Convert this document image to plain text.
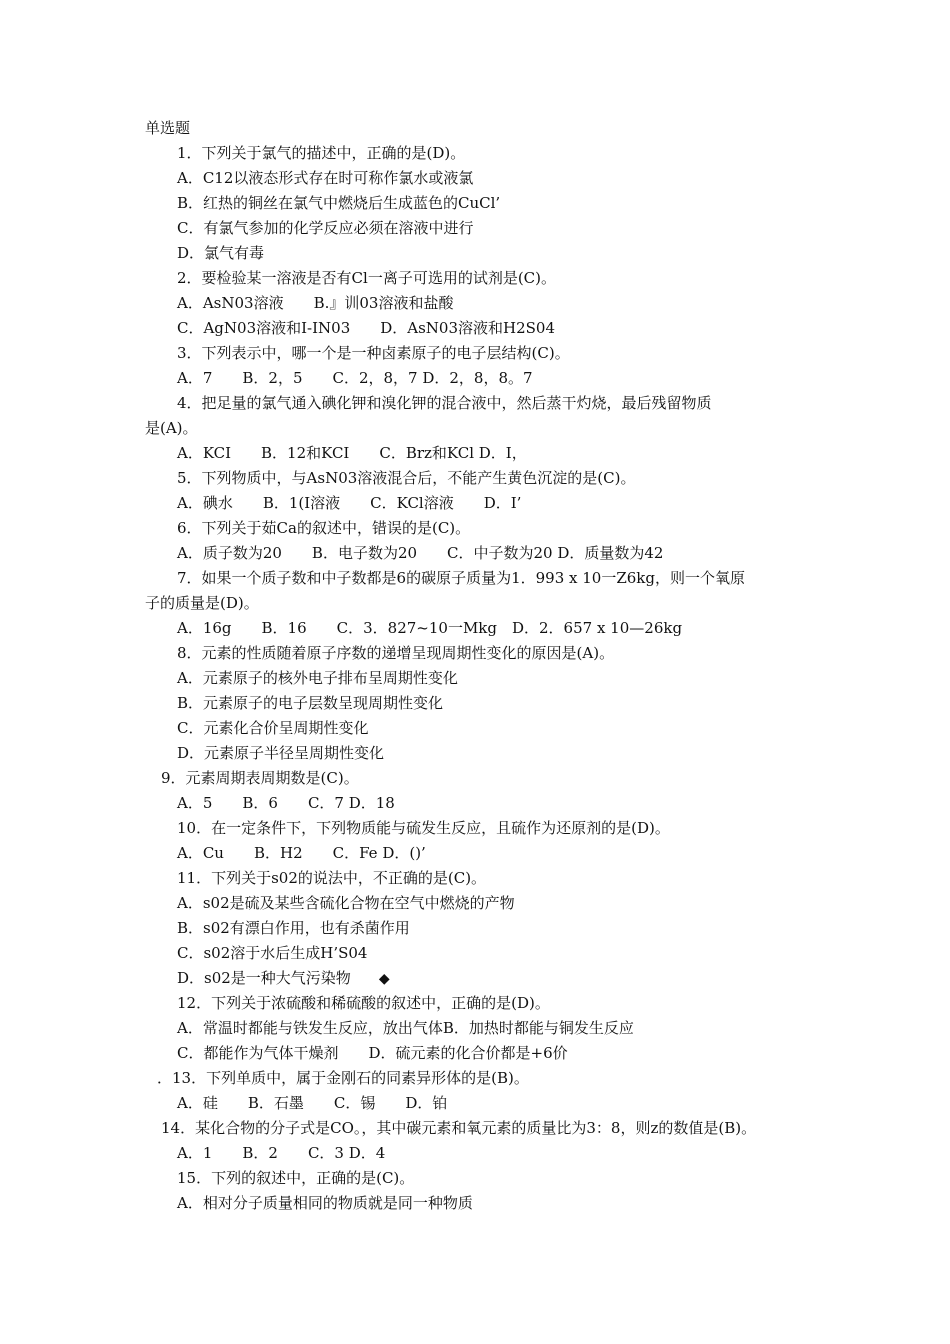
单选题
1．下列关于氯气的描述中，正确的是(D)。
A．C12以液态形式存在时可称作氯水或液氯
B．红热的铜丝在氯气中燃烧后生成蓝色的CuCl’
C．有氯气参加的化学反应必须在溶液中进行
D．氯气有毒
2．要检验某一溶液是否有Cl一离子可选用的试剂是(C)。
A．AsN03溶液　　B.』训03溶液和盐酸
C．AgN03溶液和I-IN03　　D．AsN03溶液和H2S04
3．下列表示中，哪一个是一种卤素原子的电子层结构(C)。
A．7　　B．2，5　　C．2，8，7 D．2，8，8。7
4．把足量的氯气通入碘化钾和溴化钾的混合液中，然后蒸干灼烧，最后残留物质
是(A)。
A．KCI　　B．12和KCI　　C．Brz和KCl D．I，
5．下列物质中，与AsN03溶液混合后，不能产生黄色沉淀的是(C)。
A．碘水　　B．1(I溶液　　C．KCl溶液　　D．I’
6．下列关于茹Ca的叙述中，错误的是(C)。
A．质子数为20　　B．电子数为20　　C．中子数为20 D．质量数为42
7．如果一个质子数和中子数都是6的碳原子质量为1．993 x 10一Z6kg，则一个氧原
子的质量是(D)。
A．16g　　B．16　　C．3．827~10一Mkg　D．2．657 x 10—26kg
8．元素的性质随着原子序数的递增呈现周期性变化的原因是(A)。
A．元素原子的核外电子排布呈周期性变化
B．元素原子的电子层数呈现周期性变化
C．元素化合价呈周期性变化
D．元素原子半径呈周期性变化
9．元素周期表周期数是(C)。
A．5　　B．6　　C．7 D．18
10．在一定条件下，下列物质能与硫发生反应，且硫作为还原剂的是(D)。
A．Cu　　B．H2　　C．Fe D．()’
11．下列关于s02的说法中，不正确的是(C)。
A．s02是硫及某些含硫化合物在空气中燃烧的产物
B．s02有漂白作用，也有杀菌作用
C．s02溶于水后生成H’S04
D．s02是一种大气污染物 ◆
12．下列关于浓硫酸和稀硫酸的叙述中，正确的是(D)。
A．常温时都能与铁发生反应，放出气体B．加热时都能与铜发生反应
C．都能作为气体干燥剂　　D．硫元素的化合价都是+6价
．13．下列单质中，属于金刚石的同素异形体的是(B)。
A．硅　　B．石墨　　C．锡　　D．铂
14．某化合物的分子式是CO。，其中碳元素和氧元素的质量比为3：8，则z的数值是(B)。
A．1　　B．2　　C．3 D．4
15．下列的叙述中，正确的是(C)。
A．相对分子质量相同的物质就是同一种物质
